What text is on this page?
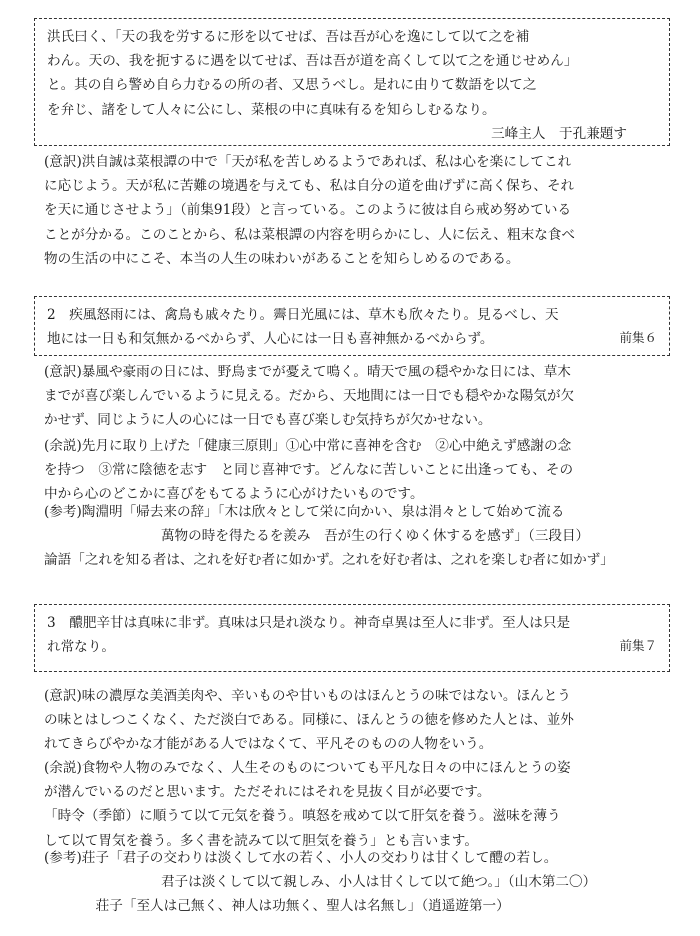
洪氏曰く、「天の我を労するに形を以てせば、吾は吾が心を逸にして以て之を補
わん。天の、我を扼するに遇を以てせば、吾は吾が道を高くして以て之を通じせめん」
と。其の自ら警め自ら力むるの所の者、又思うべし。是れに由りて数語を以て之
を弁じ、諸をして人々に公にし、菜根の中に真味有るを知らしむるなり。
三峰主人　于孔兼題す
(意訳)洪自誠は菜根譚の中で「天が私を苦しめるようであれば、私は心を楽にしてこれ
に応じよう。天が私に苦難の境遇を与えても、私は自分の道を曲げずに高く保ち、それ
を天に通じさせよう」（前集91段）と言っている。このように彼は自ら戒め努めている
ことが分かる。このことから、私は菜根譚の内容を明らかにし、人に伝え、粗末な食べ
物の生活の中にこそ、本当の人生の味わいがあることを知らしめるのである。
2　疾風怒雨には、禽鳥も戚々たり。霽日光風には、草木も欣々たり。見るべし、天
地には一日も和気無かるべからず、人心には一日も喜神無かるべからず。	前集６
(意訳)暴風や豪雨の日には、野鳥までが憂えて鳴く。晴天で風の穏やかな日には、草木
までが喜び楽しんでいるように見える。だから、天地間には一日でも穏やかな陽気が欠
かせず、同じように人の心には一日でも喜び楽しむ気持ちが欠かせない。
(余説)先月に取り上げた「健康三原則」①心中常に喜神を含む　②心中絶えず感謝の念
を持つ　③常に陰徳を志す　と同じ喜神です。どんなに苦しいことに出逢っても、その
中から心のどこかに喜びをもてるように心がけたいものです。
(参考)陶淵明「帰去来の辞」「木は欣々として栄に向かい、泉は涓々として始めて流る
萬物の時を得たるを羨み　吾が生の行くゆく休するを感ず」（三段目）
論語「之れを知る者は、之れを好む者に如かず。之れを好む者は、之れを楽しむ者に如かず」
3　醲肥辛甘は真味に非ず。真味は只是れ淡なり。神奇卓異は至人に非ず。至人は只是
れ常なり。	前集７
(意訳)味の濃厚な美酒美肉や、辛いものや甘いものはほんとうの味ではない。ほんとう
の味とはしつこくなく、ただ淡白である。同様に、ほんとうの徳を修めた人とは、並外
れてきらびやかな才能がある人ではなくて、平凡そのものの人物をいう。
(余説)食物や人物のみでなく、人生そのものについても平凡な日々の中にほんとうの姿
が潜んでいるのだと思います。ただそれにはそれを見抜く目が必要です。
「時令（季節）に順うて以て元気を養う。嗔怒を戒めて以て肝気を養う。滋味を薄う
して以て胃気を養う。多く書を読みて以て胆気を養う」とも言います。
(参考)荘子「君子の交わりは淡くして水の若く、小人の交わりは甘くして醴の若し。
君子は淡くして以て親しみ、小人は甘くして以て絶つ。」（山木第二〇）
荘子「至人は己無く、神人は功無く、聖人は名無し」（逍遥遊第一）
